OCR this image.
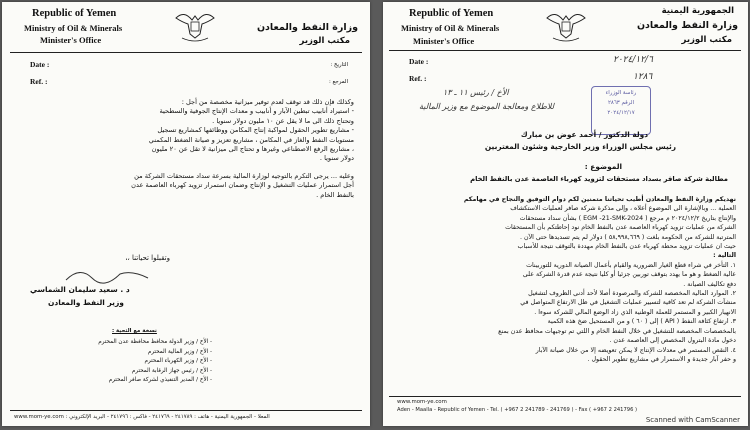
Republic of Yemen
Ministry of Oil & Minerals
Minister's Office
وزارة النفط والمعادن
مكتب الوزير
Date :
Ref. :
التاريخ :
المرجع :

وكذلك فإن ذلك قد توقف لعدم توفير ميزانية مخصصة من أجل :

- استيراد أنابيب تبطين الآبار و أنابيب و معدات الإنتاج الجوفية والسطحية

وتحتاج ذلك الى ما لا يقل عن ١٠ مليون دولار سنويا .

- مشاريع تطوير الحقول لمواكبة إنتاج المكامن ووظائفها كمشاريع تسجيل

مستويات النفط والغاز في المكامن ، مشاريع تعزيز و صيانة الضغط المكمني

، مشاريع الرفع الاصطناعي وغيرها و تحتاج الى ميزانية لا تقل عن ٢٠ مليون

دولار سنويا .

وعليه ... يرجى التكرم بالتوجيه لوزارة المالية بسرعة سداد مستحقات الشركة من

أجل استمرار عمليات التشغيل و الإنتاج وضمان استمرار تزويد كهرباء العاصمة عدن

بالنفط الخام .

وتقبلوا تحياتنا ،،
د . سعيد سليمان الشماسي
وزير النفط والمعادن
نسخة مع التحية :

- الأخ / وزير الدولة محافظ محافظة عدن المحترم

- الأخ / وزير المالية المحترم

- الأخ / وزير الكهرباء المحترم

- الأخ / رئيس جهاز الرقابة المحترم

- الأخ / المدير التنفيذي لشركة صافر المحترم

المعلا - الجمهورية اليمنية - هاتف : ٢٤١٧٨٩ - ٢٤١٧٦٩ - فاكس : ٢٤١٧٩٦ - البريد الإلكتروني : www.mom-ye.com
Republic of Yemen
Ministry of Oil & Minerals
Minister's Office
الجمهورية اليمنية
وزارة النفط والمعادن
مكتب الوزير
Date :
Ref. :
٢٠٢٤/١٢/٦
١٢٨٦
الأخ / رئيس ١١ ـ ١٣
للاطلاع ومعالجة الموضوع مع وزير المالية
رئاسة الوزراء
الرقم ٢٨٦٣
٢٠٢٤/١٢/١٧
دولة الدكتور / أحمد عوض بن مبارك
رئيس مجلس الوزراء وزير الخارجية وشئون المغتربين
الموضوع :
مطالبة شركة صافر بسداد مستحقات لتزويد كهرباء العاصمة عدن بالنفط الخام

نهديكم وزارة النفط والمعادن أطيب تحياتنا متمنين لكم دوام التوفيق والنجاح في مهامكم

العملية ... وبالإشارة الى الموضوع أعلاه ، وإلى مذكرة شركة صافر لعمليات الاستكشاف

والإنتاج بتاريخ ٢٠٢٤/١٢/٢ م مرجع ( EGM -21-SMK-2024 ) بشأن سداد مستحقات

الشركة من عمليات تزويد كهرباء العاصمة عدن بالنفط الخام نود إحاطتكم بأن المستحقات

المترتبة للشركة من الحكومة بلغت ( ٥٨,٩٩٨,٦٦٩ ) دولار لم يتم تسديدها حتى الآن .

حيث ان عمليات تزويد محطة كهرباء عدن بالنفط الخام مهددة بالتوقف نتيجة للأسباب

التالية :

١. التأخر في شراء قطع الغيار الضرورية والقيام بأعمال الصيانة الدورية للتوربينات

عالية الضغط و هو ما يهدد بتوقف توربين جزئيا أو كليا نتيجة عدم قدرة الشركة على

دفع تكاليف الصيانة .

٢. الموارد المالية المخصصة للشركة والمرصودة أصلا لأحد أدنى الظروف لتشغيل

منشآت الشركة لم تعد كافية لتسيير عمليات التشغيل في ظل الارتفاع المتواصل في

الانهيار الكبير و المستمر للعملة الوطنية الذي زاد الوضع المالي للشركة سوءا .

٣. ارتفاع كثافة النفط ( API ) إلى ( ٦٠ ) و من المستحيل ضخ هذه الكمية

بالمخصصات المخصصة للتشغيل في خلال النفط الخام و اللتي تم توجيهات محافظ عدن بمنع

دخول مادة البترول المخصص إلى العاصمة عدن .

٤. النقص المستمر في معدلات الإنتاج لا يمكن تعويضه إلا من خلال صيانة الآبار

و حفر آبار جديدة و الاستمرار في مشاريع تطوير الحقول .

www.mom-ye.com
Aden - Maalla - Republic of Yemen - Tel. ( +967 2 241789 - 241769 ) - Fax ( +967 2 241796 )
Scanned with CamScanner
